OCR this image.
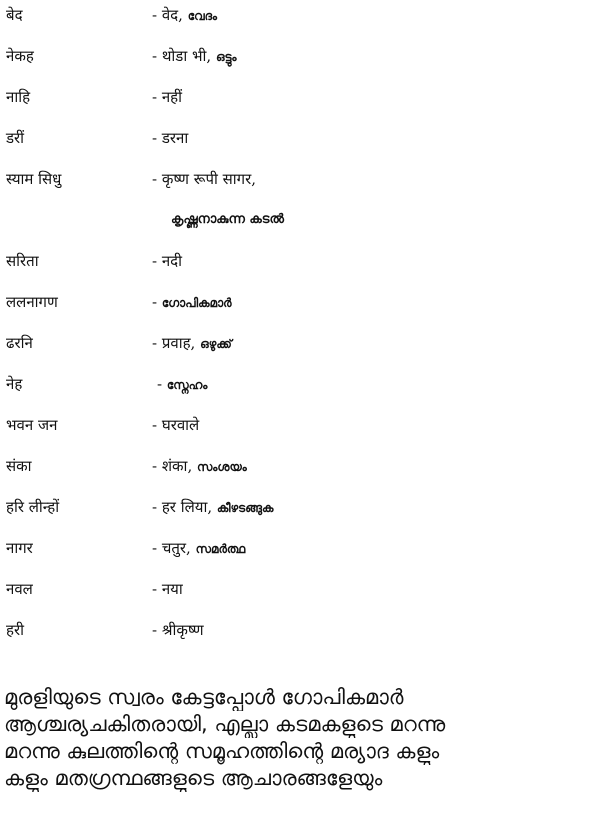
बेद	- वेद, വേദം
नेकह	- थोडा भी, ഒട്ടും
नाहि	- नहीं
डरीं	- डरना
स्याम सिधु	- कृष्ण रूपी सागर,
കൃഷ്ണനാകുന്ന കടൽ
सरिता	- नदी
ललनागण	- ഗോപികമാർ
ढरनि	- प्रवाह, ഒഴുക്ക്
नेह	- സ്നേഹം
भवन जन	- घरवाले
संका	- शंका, സംശയം
हरि लीन्हों	- हर लिया, കീഴടങ്ങുക
नागर	- चतुर, സമർത്ഥ
नवल	- नया
हरी	- श्रीकृष्ण
മുരളിയുടെ സ്വരം കേട്ടപ്പോൾ ഗോപികമാർ
ആശ്ചര്യചകിതരായി, എല്ലാ കടമകളുടെ മറന്നു
മറന്നു കുലത്തിന്റെ സമൂഹത്തിന്റെ മര്യാദ കളും
കളും മതഗ്രന്ഥങ്ങളുടെ ആചാരങ്ങളേയും
